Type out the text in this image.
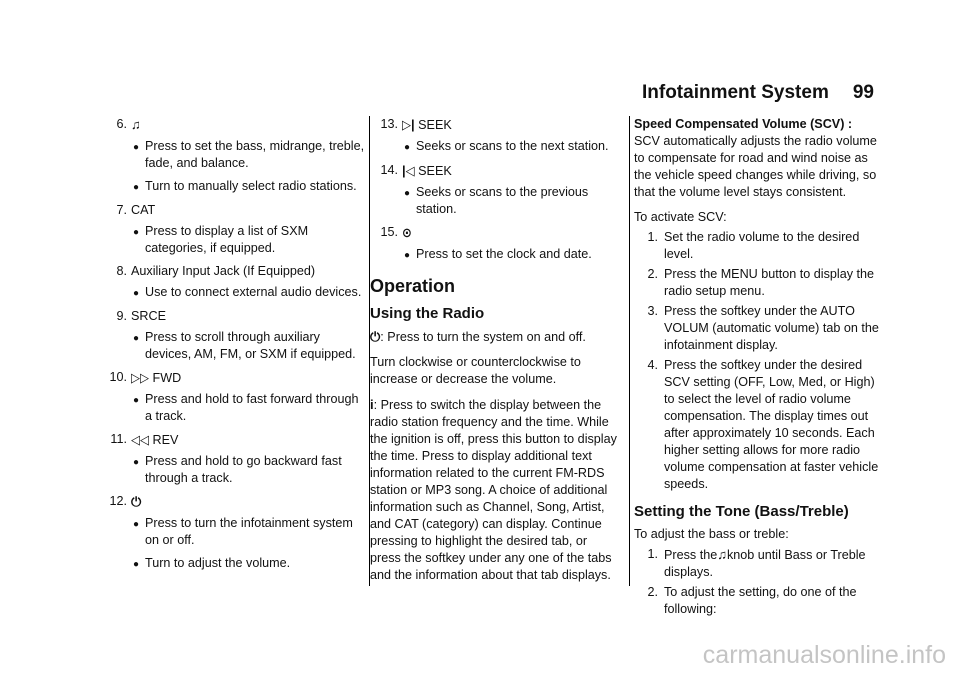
Infotainment System 99
6. ♫
● Press to set the bass, midrange, treble, fade, and balance.
● Turn to manually select radio stations.
7. CAT
● Press to display a list of SXM categories, if equipped.
8. Auxiliary Input Jack (If Equipped)
● Use to connect external audio devices.
9. SRCE
● Press to scroll through auxiliary devices, AM, FM, or SXM if equipped.
10. ▷▷ FWD
● Press and hold to fast forward through a track.
11. ◁◁ REV
● Press and hold to go backward fast through a track.
12. ⏻
● Press to turn the infotainment system on or off.
● Turn to adjust the volume.
13. ▷| SEEK
● Seeks or scans to the next station.
14. |◁ SEEK
● Seeks or scans to the previous station.
15. ⊙
● Press to set the clock and date.
Operation
Using the Radio

⏻: Press to turn the system on and off.

Turn clockwise or counterclockwise to increase or decrease the volume.

i: Press to switch the display between the radio station frequency and the time. While the ignition is off, press this button to display the time. Press to display additional text information related to the current FM-RDS station or MP3 song. A choice of additional information such as Channel, Song, Artist, and CAT (category) can display. Continue pressing to highlight the desired tab, or press the softkey under any one of the tabs and the information about that tab displays.

Speed Compensated Volume (SCV) : SCV automatically adjusts the radio volume to compensate for road and wind noise as the vehicle speed changes while driving, so that the volume level stays consistent.

To activate SCV:

1. Set the radio volume to the desired level.
2. Press the MENU button to display the radio setup menu.
3. Press the softkey under the AUTO VOLUM (automatic volume) tab on the infotainment display.
4. Press the softkey under the desired SCV setting (OFF, Low, Med, or High) to select the level of radio volume compensation. The display times out after approximately 10 seconds. Each higher setting allows for more radio volume compensation at faster vehicle speeds.
Setting the Tone (Bass/Treble)

To adjust the bass or treble:

1. Press the♫knob until Bass or Treble displays.
2. To adjust the setting, do one of the following:
carmanualsonline.info
